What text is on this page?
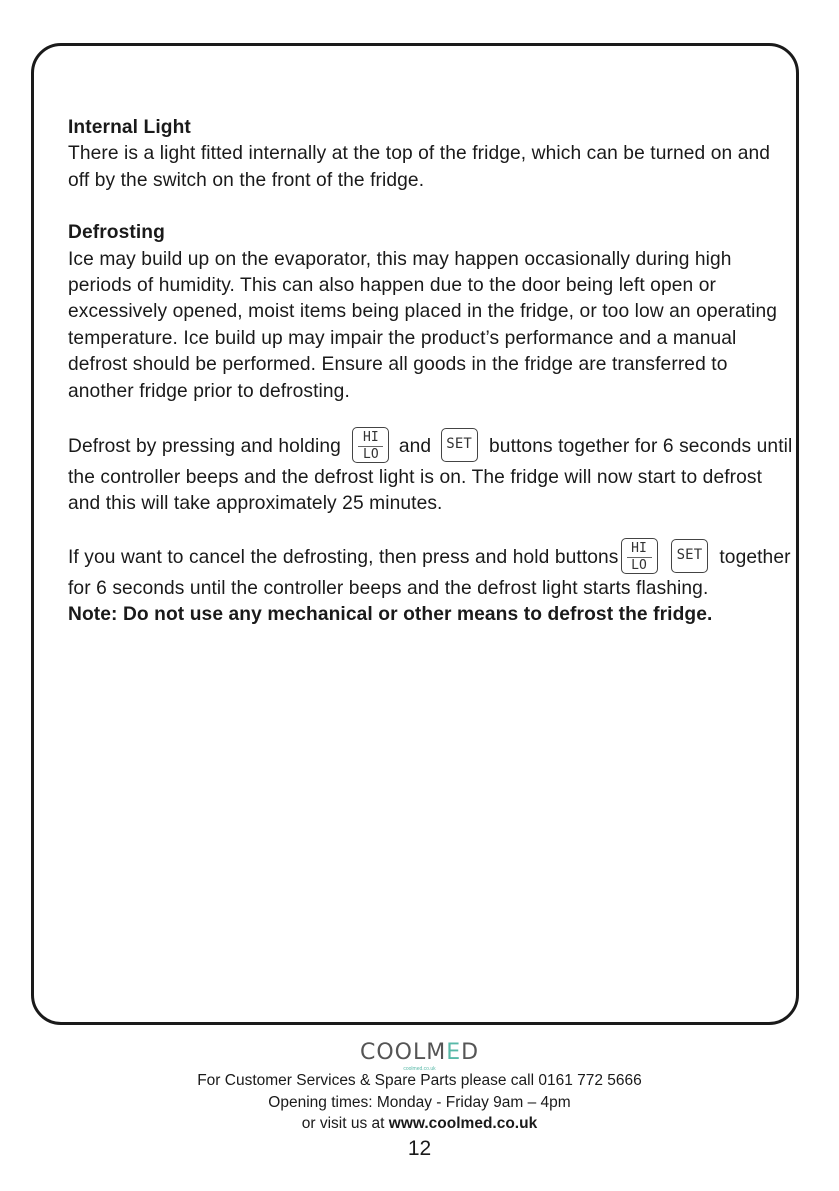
Internal Light

There is a light fitted internally at the top of the fridge, which can be turned on and off by the switch on the front of the fridge.

Defrosting

Ice may build up on the evaporator, this may happen occasionally during high periods of humidity. This can also happen due to the door being left open or excessively opened, moist items being placed in the fridge, or too low an operating temperature. Ice build up may impair the product’s performance and a manual defrost should be performed. Ensure all goods in the fridge are transferred to another fridge prior to defrosting.

Defrost by pressing and holding $\frac{HI}{LO}$ and SET buttons together for 6 seconds until the controller beeps and the defrost light is on. The fridge will now start to defrost and this will take approximately 25 minutes.

If you want to cancel the defrosting, then press and hold buttons $\frac{HI}{LO}$ SET together for 6 seconds until the controller beeps and the defrost light starts flashing.

Note: Do not use any mechanical or other means to defrost the fridge.

COOLMED
coolmed.co.uk
For Customer Services & Spare Parts please call 0161 772 5666
Opening times: Monday - Friday 9am – 4pm
or visit us at www.coolmed.co.uk
12
